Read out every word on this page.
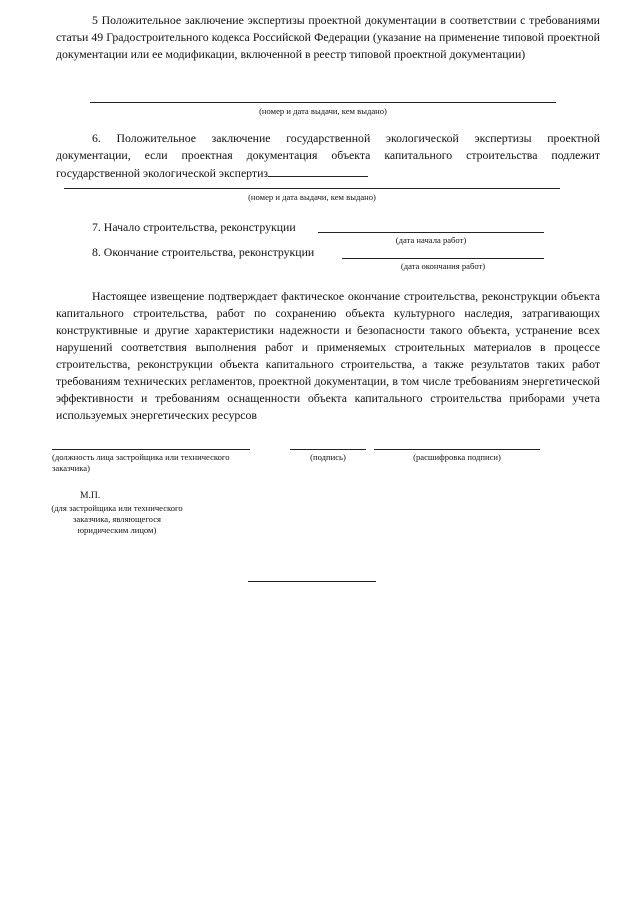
5 Положительное заключение экспертизы проектной документации в соответствии с требованиями статьи 49 Градостроительного кодекса Российской Федерации (указание на применение типовой проектной документации или ее модификации, включенной в реестр типовой проектной документации)
(номер и дата выдачи, кем выдано)
6. Положительное заключение государственной экологической экспертизы проектной документации, если проектная документация объекта капитального строительства подлежит государственной экологической экспертиз
(номер и дата выдачи, кем выдано)
7. Начало строительства, реконструкции
(дата начала работ)
8. Окончание строительства, реконструкции
(дата окончания работ)
Настоящее извещение подтверждает фактическое окончание строительства, реконструкции объекта капитального строительства, работ по сохранению объекта культурного наследия, затрагивающих конструктивные и другие характеристики надежности и безопасности такого объекта, устранение всех нарушений соответствия выполнения работ и применяемых строительных материалов в процессе строительства, реконструкции объекта капитального строительства, а также результатов таких работ требованиям технических регламентов, проектной документации, в том числе требованиям энергетической эффективности и требованиям оснащенности объекта капитального строительства приборами учета используемых энергетических ресурсов
(должность лица застройщика или технического заказчика)
(подпись)	(расшифровка подписи)
М.П.
(для застройщика или технического заказчика, являющегося юридическим лицом)
